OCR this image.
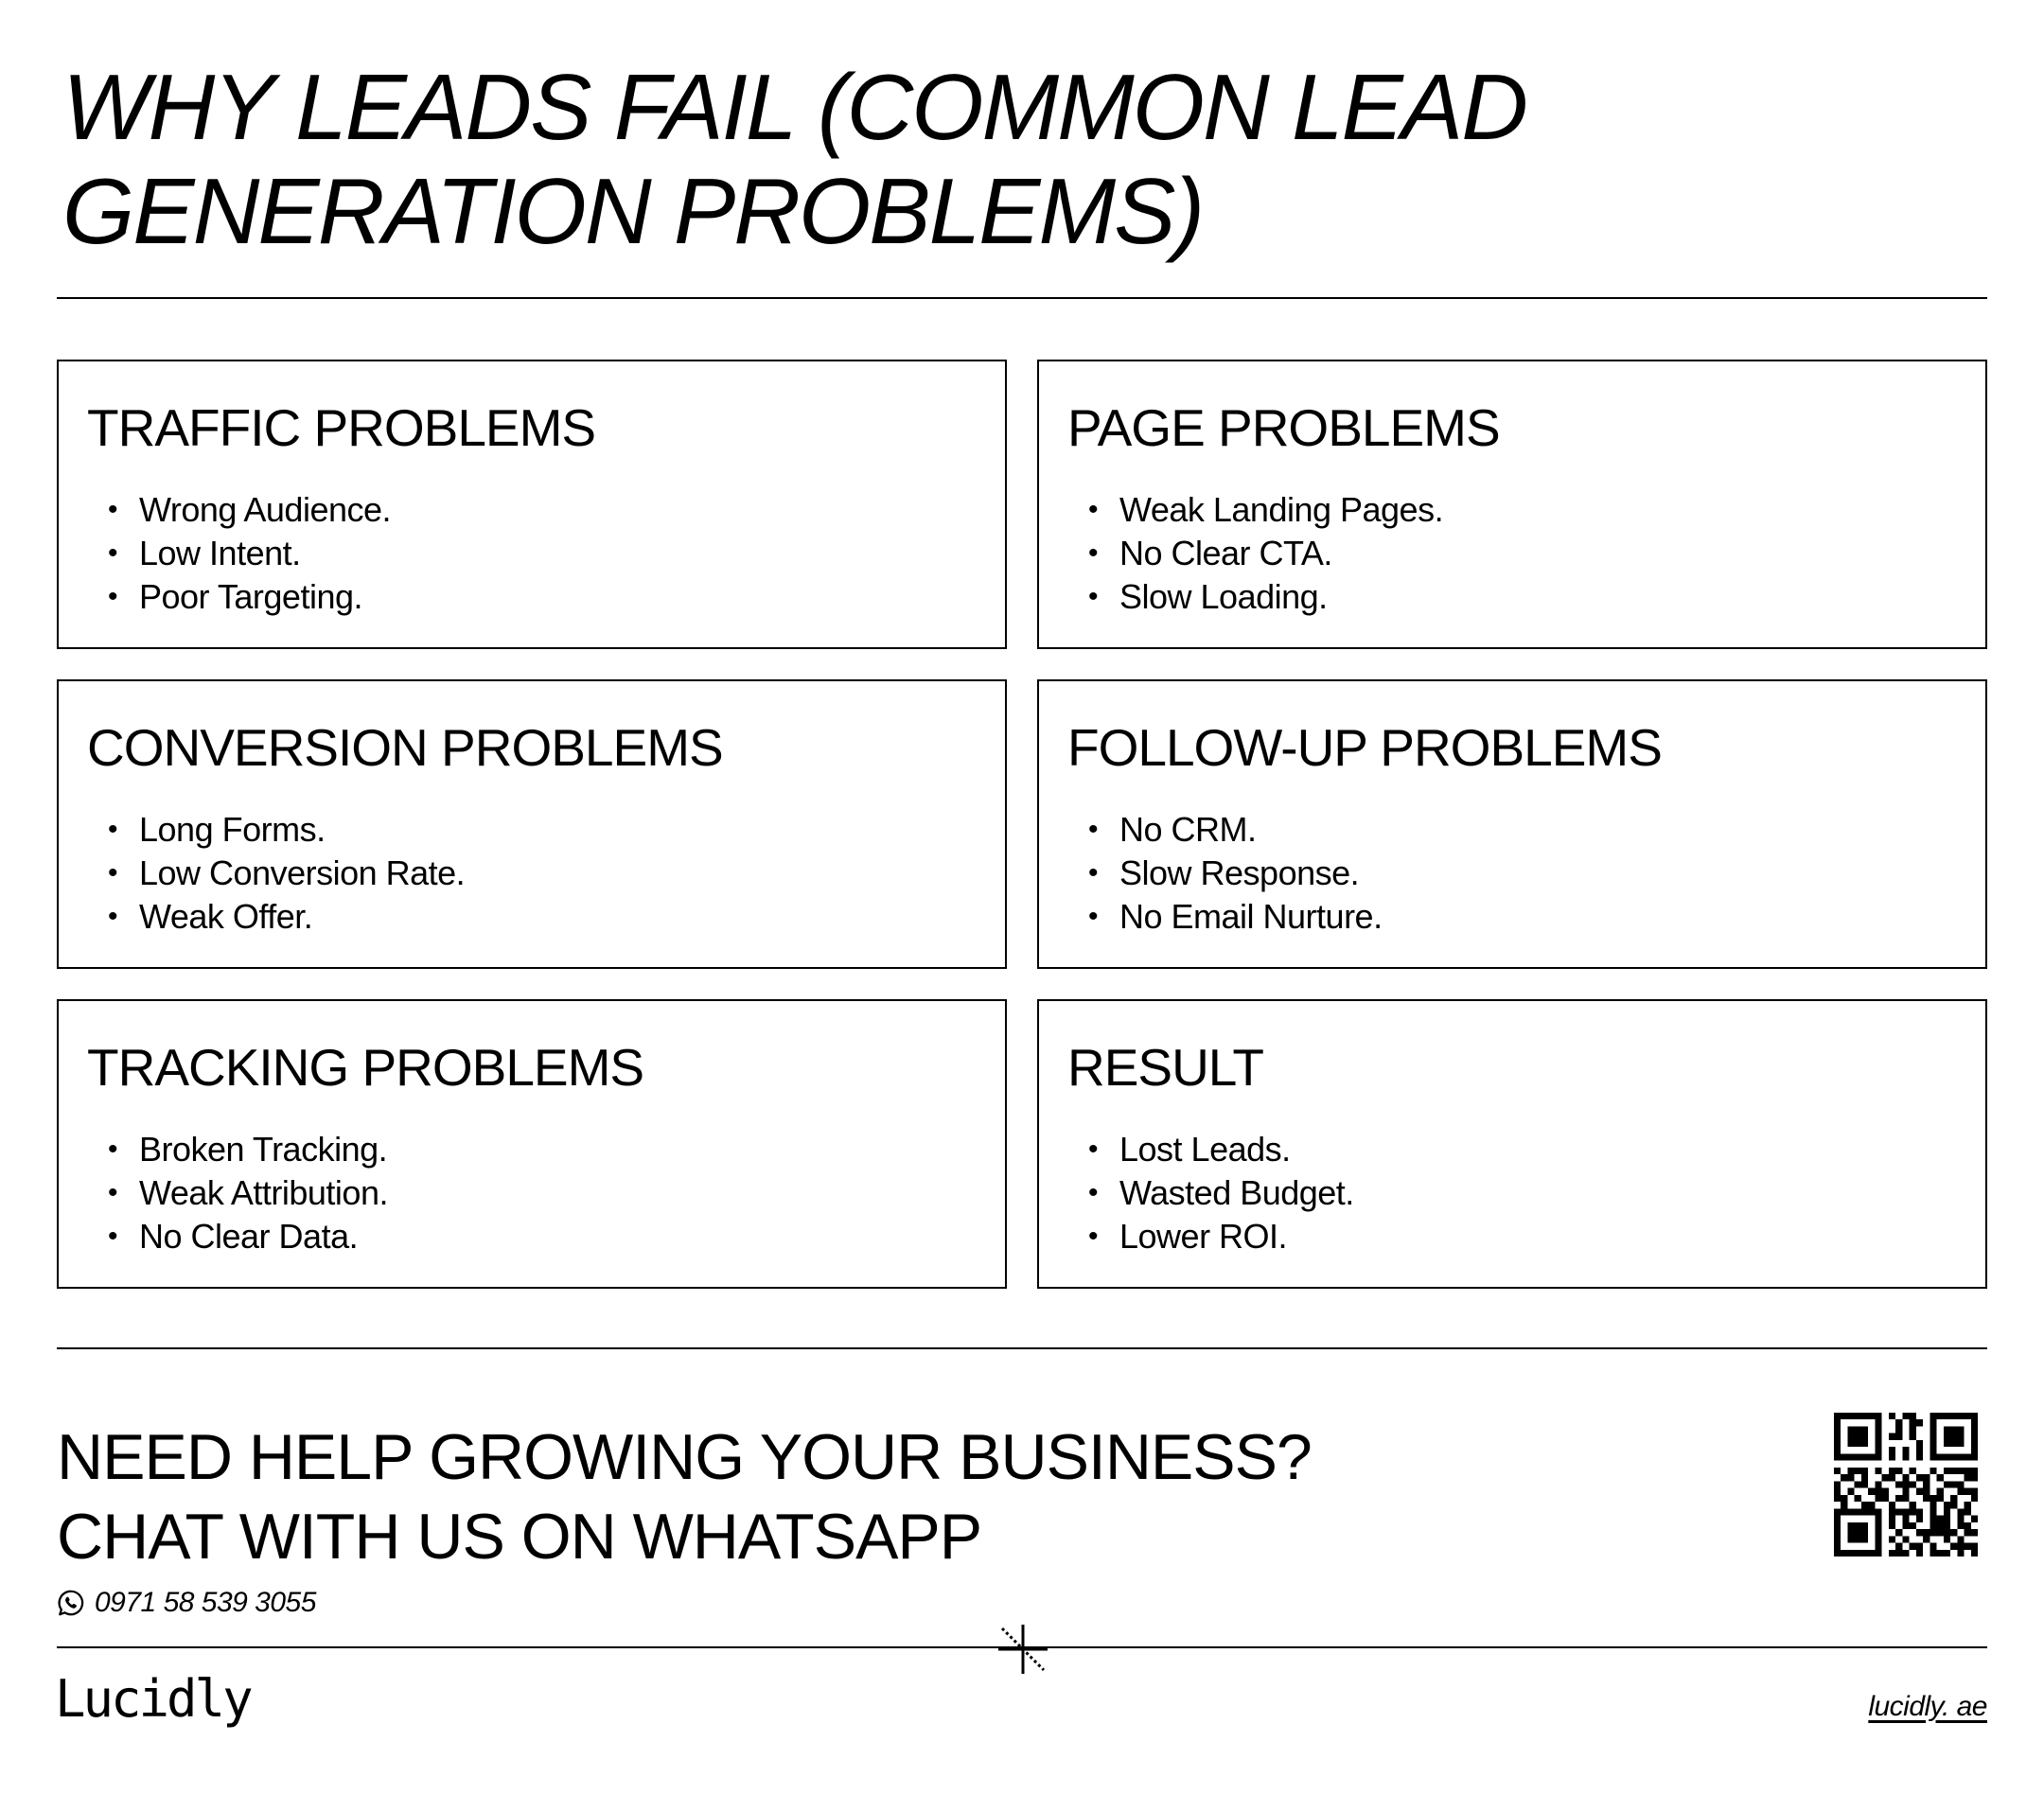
WHY LEADS FAIL (COMMON LEAD
GENERATION PROBLEMS)
TRAFFIC PROBLEMS
• Wrong Audience.
• Low Intent.
• Poor Targeting.
PAGE PROBLEMS
• Weak Landing Pages.
• No Clear CTA.
• Slow Loading.
CONVERSION PROBLEMS
• Long Forms.
• Low Conversion Rate.
• Weak Offer.
FOLLOW-UP PROBLEMS
• No CRM.
• Slow Response.
• No Email Nurture.
TRACKING PROBLEMS
• Broken Tracking.
• Weak Attribution.
• No Clear Data.
RESULT
• Lost Leads.
• Wasted Budget.
• Lower ROI.
NEED HELP GROWING YOUR BUSINESS?
CHAT WITH US ON WHATSAPP
0971 58 539 3055
Lucidly	lucidly. ae
